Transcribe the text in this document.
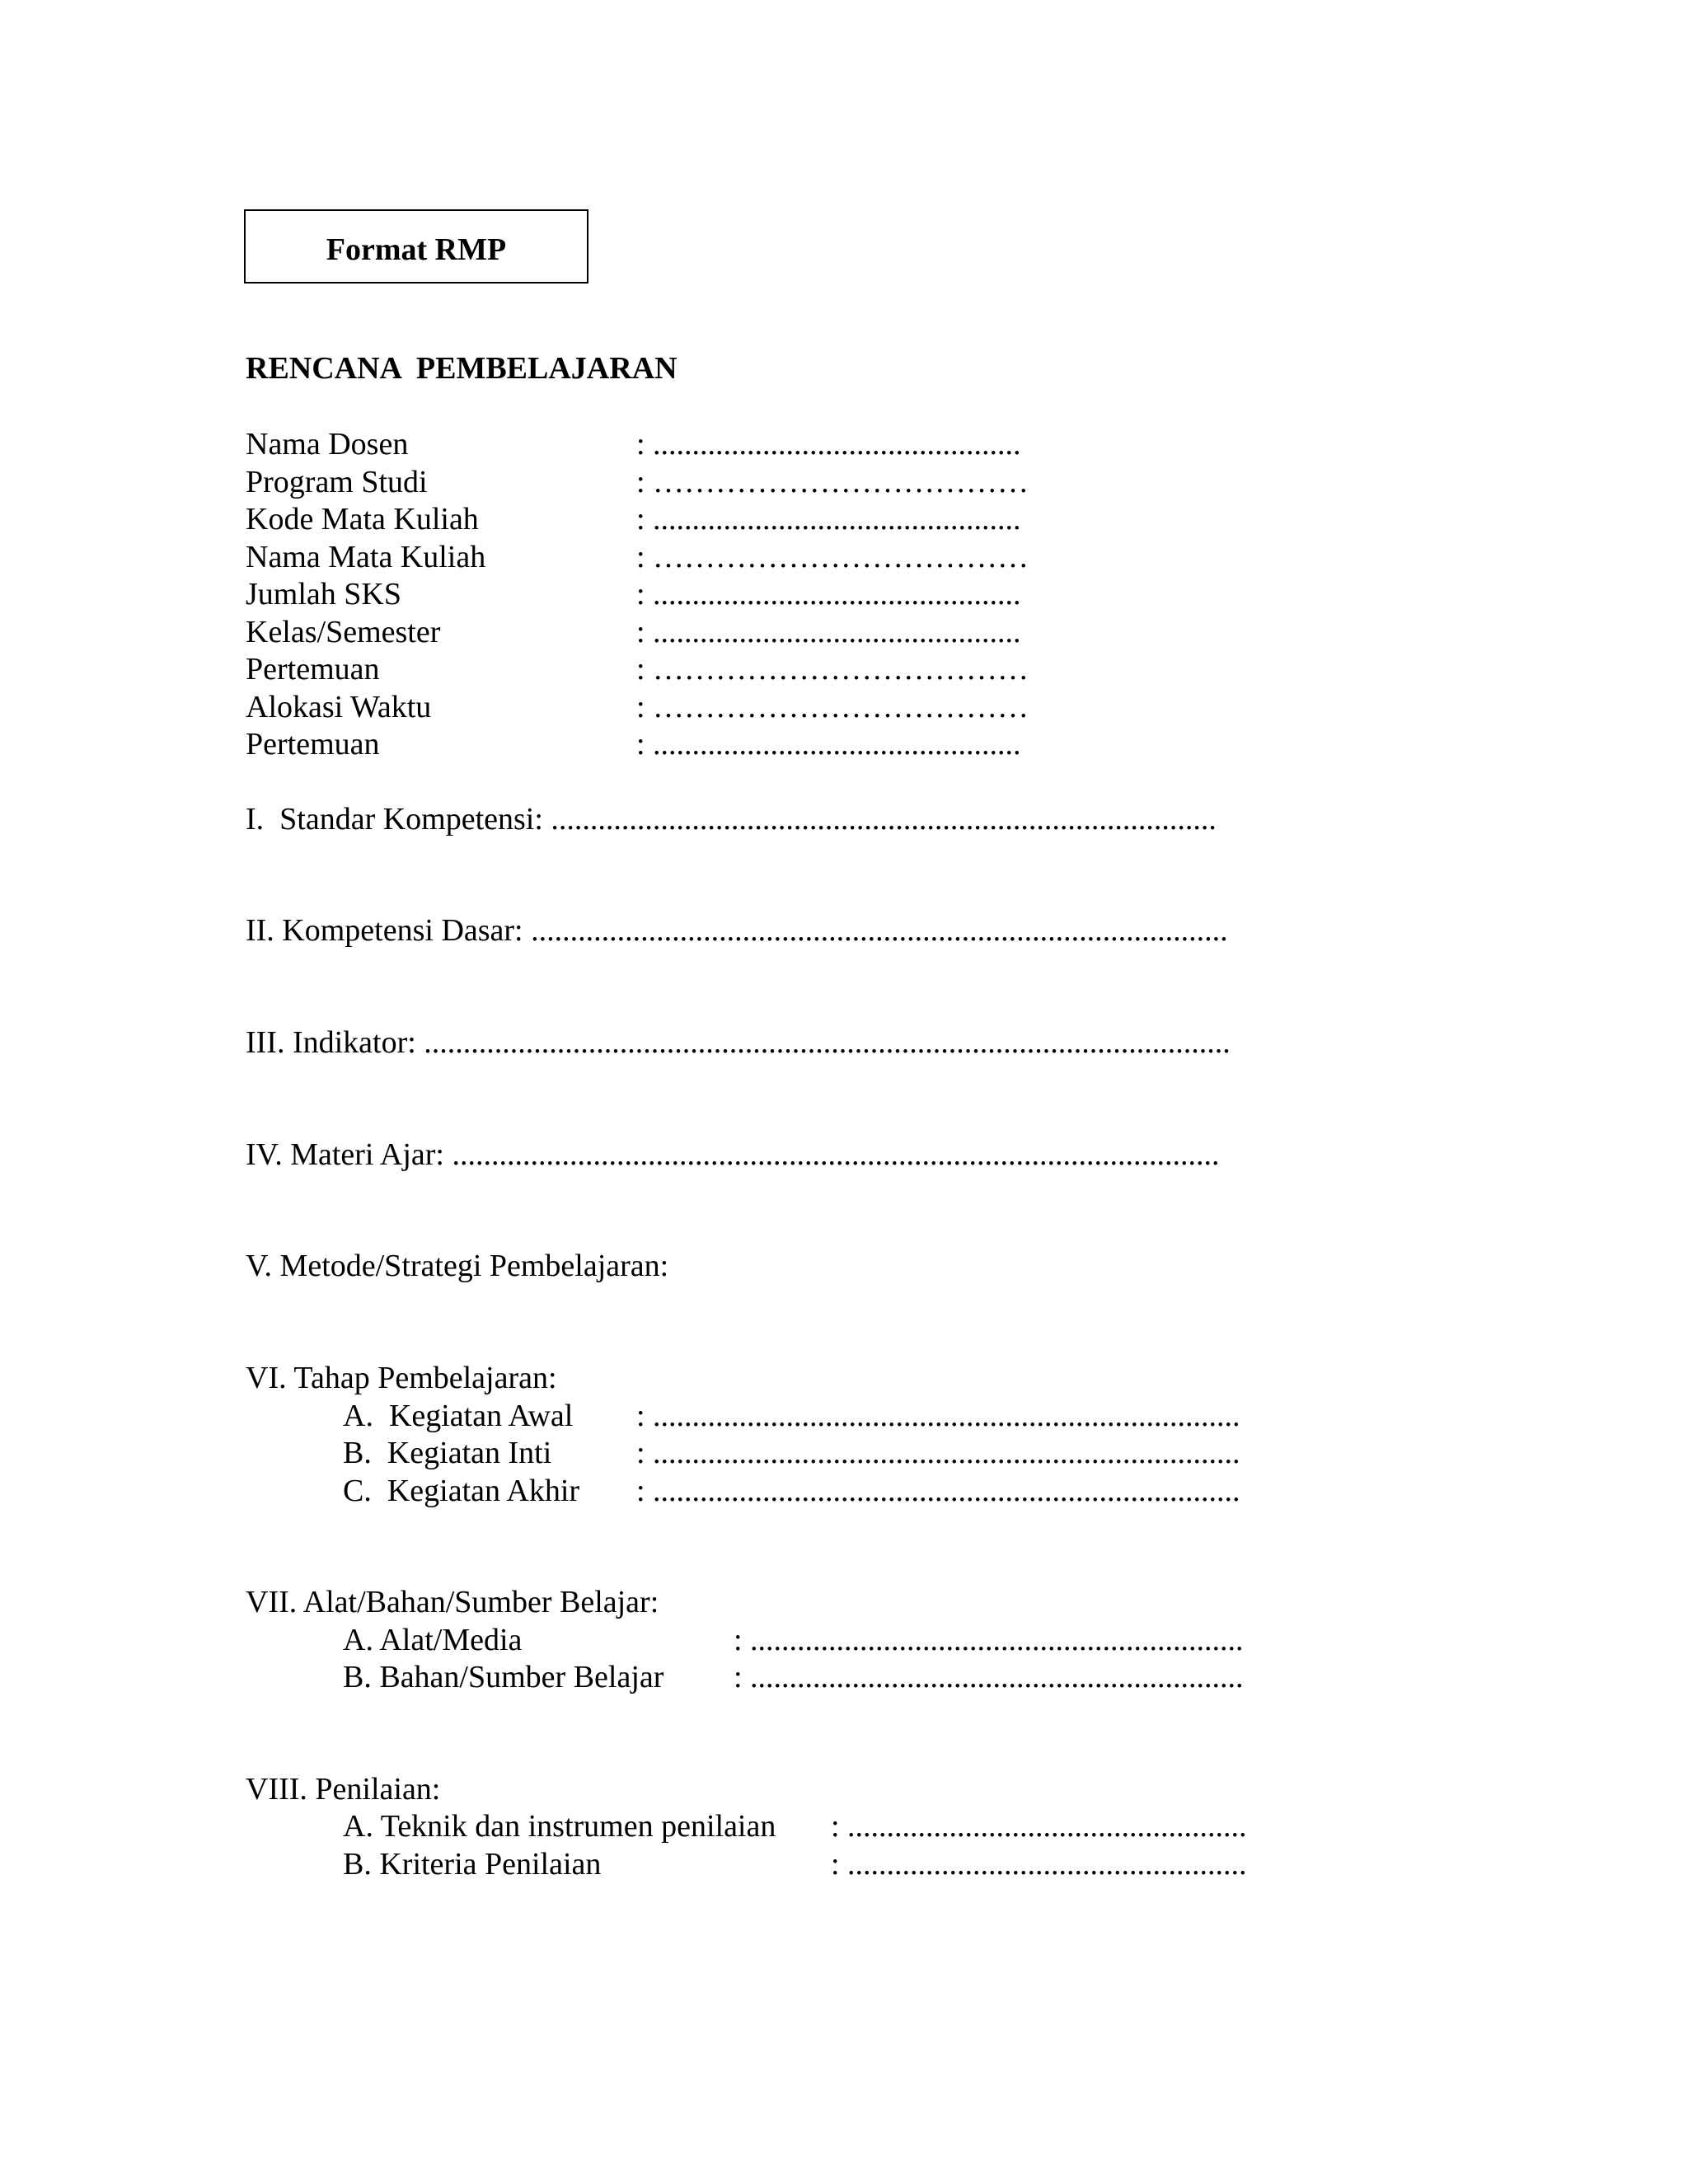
Format RMP
RENCANA  PEMBELAJARAN
Nama Dosen	: ...............................................
Program Studi	: ………………………………
Kode Mata Kuliah	: ...............................................
Nama Mata Kuliah	: ………………………………
Jumlah SKS	: ...............................................
Kelas/Semester	: ...............................................
Pertemuan	: ………………………………
Alokasi Waktu	: ………………………………
Pertemuan	: ...............................................
I.  Standar Kompetensi: .....................................................................................
II. Kompetensi Dasar: .........................................................................................
III. Indikator: .......................................................................................................
IV. Materi Ajar: ..................................................................................................
V. Metode/Strategi Pembelajaran:
VI. Tahap Pembelajaran:
A.  Kegiatan Awal : ...........................................................................
B.  Kegiatan Inti	: ...........................................................................
C.  Kegiatan Akhir : ...........................................................................
VII. Alat/Bahan/Sumber Belajar:
A. Alat/Media	: ...............................................................
B. Bahan/Sumber Belajar : ...............................................................
VIII. Penilaian:
A. Teknik dan instrumen penilaian : ...................................................
B. Kriteria Penilaian	: ...................................................
